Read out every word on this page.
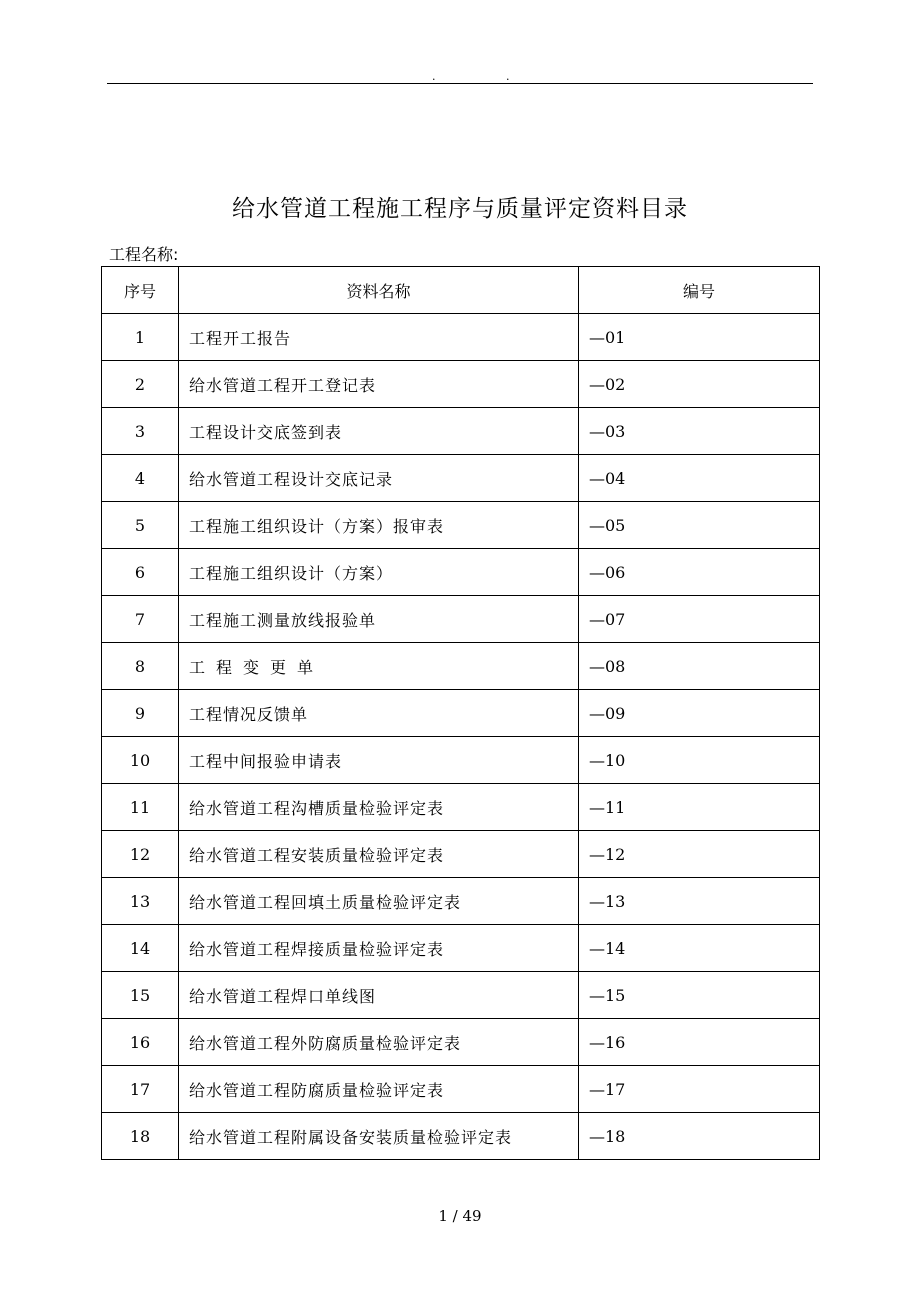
.	.
给水管道工程施工程序与质量评定资料目录
工程名称:
序号	资料名称	编号
1	工程开工报告	—01
2	给水管道工程开工登记表	—02
3	工程设计交底签到表	—03
4	给水管道工程设计交底记录	—04
5	工程施工组织设计（方案）报审表	—05
6	工程施工组织设计（方案）	—06
7	工程施工测量放线报验单	—07
8	工程变更单	—08
9	工程情况反馈单	—09
10	工程中间报验申请表	—10
11	给水管道工程沟槽质量检验评定表	—11
12	给水管道工程安装质量检验评定表	—12
13	给水管道工程回填土质量检验评定表	—13
14	给水管道工程焊接质量检验评定表	—14
15	给水管道工程焊口单线图	—15
16	给水管道工程外防腐质量检验评定表	—16
17	给水管道工程防腐质量检验评定表	—17
18	给水管道工程附属设备安装质量检验评定表	—18
1 / 49
